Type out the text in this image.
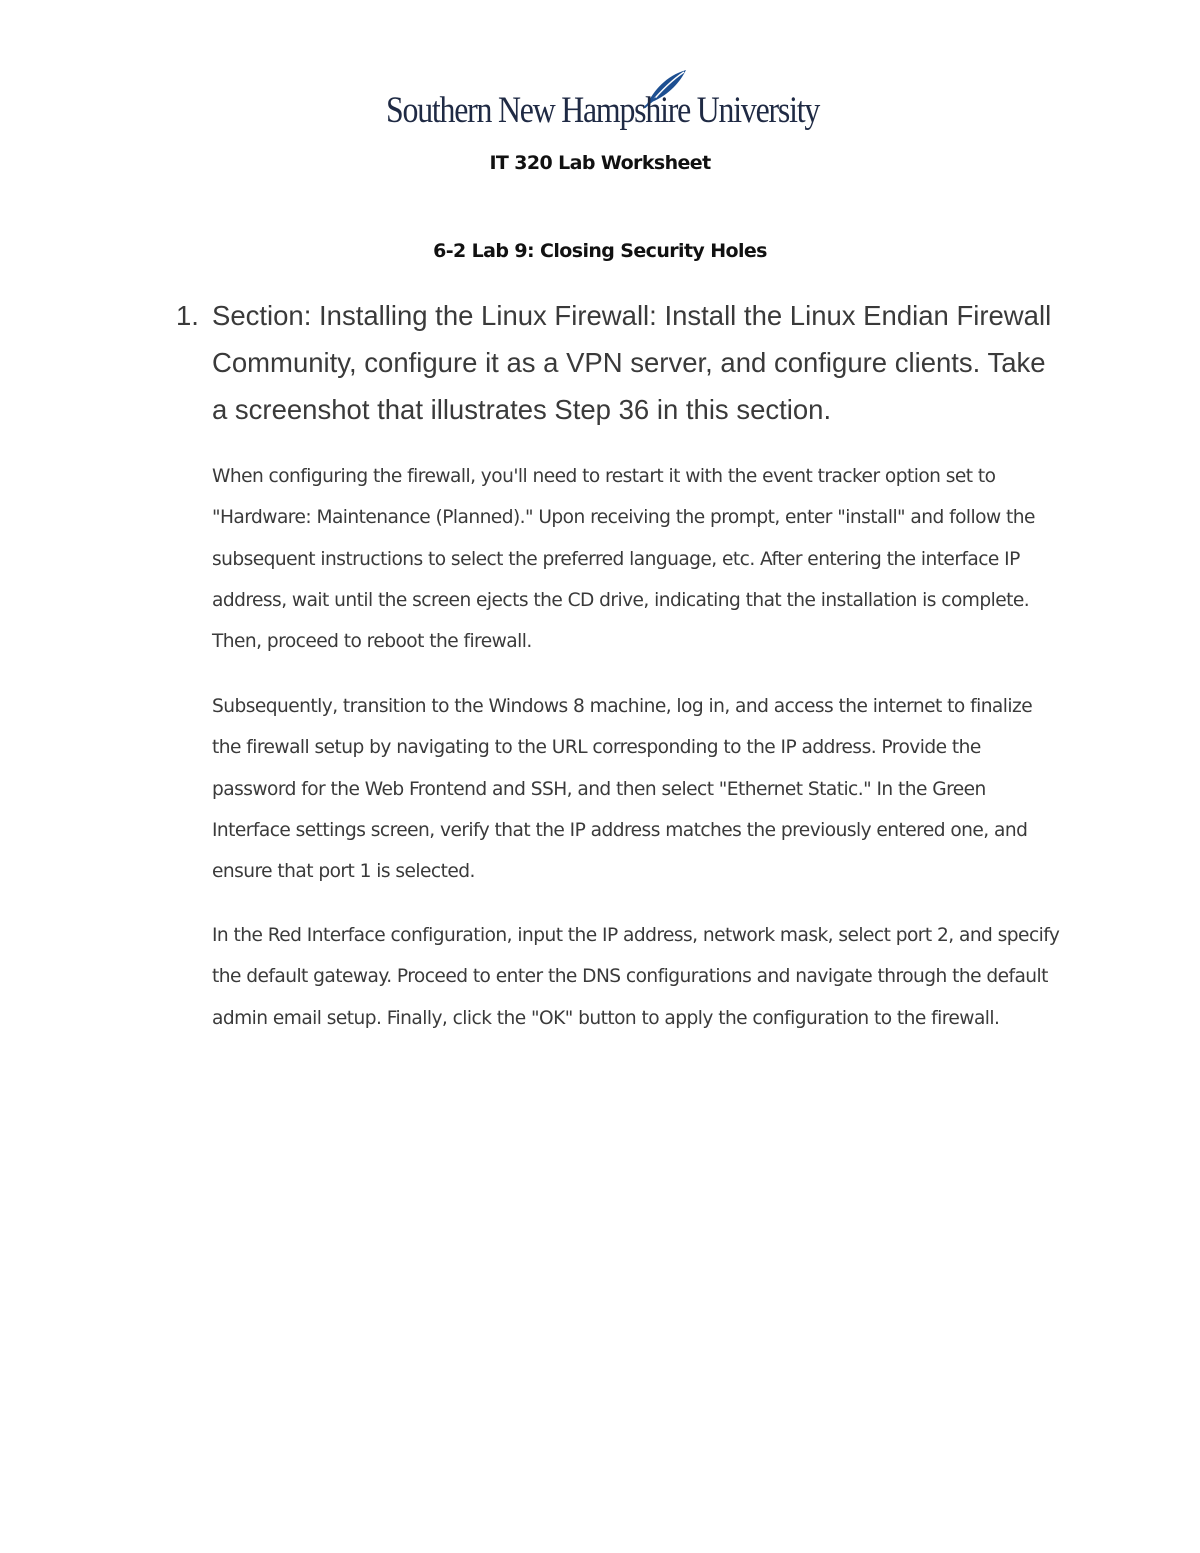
Southern New Hampshire University
IT 320 Lab Worksheet
6-2 Lab 9: Closing Security Holes
1. Section: Installing the Linux Firewall: Install the Linux Endian Firewall Community, configure it as a VPN server, and configure clients. Take a screenshot that illustrates Step 36 in this section.

When configuring the firewall, you'll need to restart it with the event tracker option set to "Hardware: Maintenance (Planned)." Upon receiving the prompt, enter "install" and follow the subsequent instructions to select the preferred language, etc. After entering the interface IP address, wait until the screen ejects the CD drive, indicating that the installation is complete. Then, proceed to reboot the firewall.

Subsequently, transition to the Windows 8 machine, log in, and access the internet to finalize the firewall setup by navigating to the URL corresponding to the IP address. Provide the password for the Web Frontend and SSH, and then select "Ethernet Static." In the Green Interface settings screen, verify that the IP address matches the previously entered one, and ensure that port 1 is selected.

In the Red Interface configuration, input the IP address, network mask, select port 2, and specify the default gateway. Proceed to enter the DNS configurations and navigate through the default admin email setup. Finally, click the "OK" button to apply the configuration to the firewall.
